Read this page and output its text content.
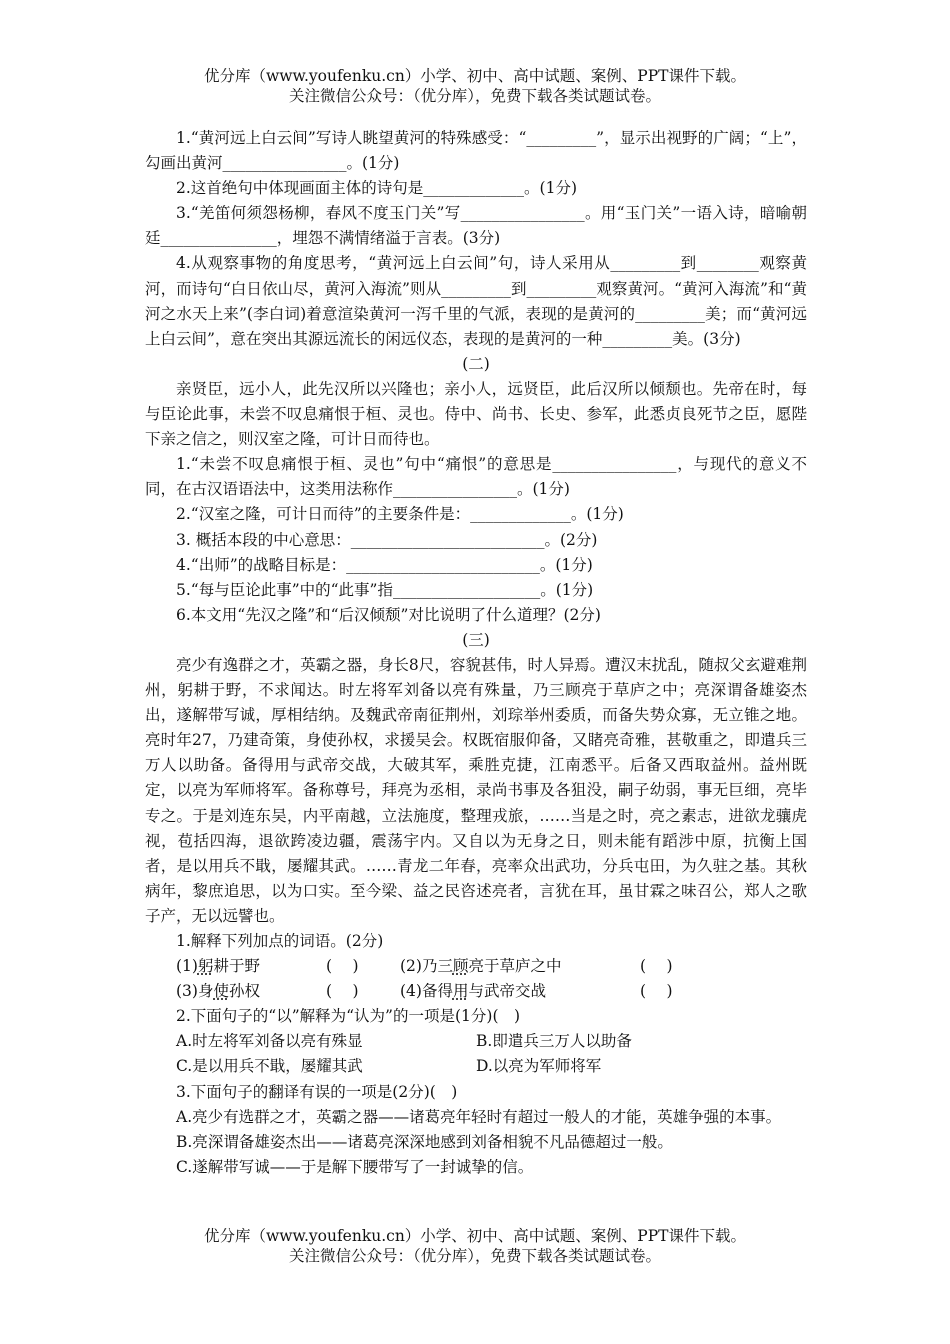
优分库（www.youfenku.cn）小学、初中、高中试题、案例、PPT课件下载。
关注微信公众号：（优分库），免费下载各类试题试卷。

1.“黄河远上白云间”写诗人眺望黄河的特殊感受：“_________”，显示出视野的广阔；“上”，勾画出黄河________________。(1分)

2.这首绝句中体现画面主体的诗句是_____________。(1分)

3.“羌笛何须怨杨柳，春风不度玉门关”写________________。用“玉门关”一语入诗，暗喻朝廷_______________，埋怨不满情绪溢于言表。(3分)

4.从观察事物的角度思考，“黄河远上白云间”句，诗人采用从_________到________观察黄河，而诗句“白日依山尽，黄河入海流”则从_________到_________观察黄河。“黄河入海流”和“黄河之水天上来”(李白词)着意渲染黄河一泻千里的气派，表现的是黄河的_________美；而“黄河远上白云间”，意在突出其源远流长的闲远仪态，表现的是黄河的一种_________美。(3分)

(二)

亲贤臣，远小人，此先汉所以兴隆也；亲小人，远贤臣，此后汉所以倾颓也。先帝在时，每与臣论此事，未尝不叹息痛恨于桓、灵也。侍中、尚书、长史、参军，此悉贞良死节之臣，愿陛下亲之信之，则汉室之隆，可计日而待也。

1.“未尝不叹息痛恨于桓、灵也”句中“痛恨”的意思是________________，与现代的意义不同，在古汉语语法中，这类用法称作________________。(1分)

2.“汉室之隆，可计日而待”的主要条件是：_____________。(1分)

3. 概括本段的中心意思：_________________________。(2分)

4.“出师”的战略目标是：_________________________。(1分)

5.“每与臣论此事”中的“此事”指___________________。(1分)

6.本文用“先汉之隆”和“后汉倾颓”对比说明了什么道理？(2分)

(三)

亮少有逸群之才，英霸之器，身长8尺，容貌甚伟，时人异焉。遭汉末扰乱，随叔父玄避难荆州，躬耕于野，不求闻达。时左将军刘备以亮有殊量，乃三顾亮于草庐之中；亮深谓备雄姿杰出，遂解带写诚，厚相结纳。及魏武帝南征荆州，刘琮举州委质，而备失势众寡，无立锥之地。亮时年27，乃建奇策，身使孙权，求援吴会。权既宿服仰备，又睹亮奇雅，甚敬重之，即遣兵三万人以助备。备得用与武帝交战，大破其军，乘胜克捷，江南悉平。后备又西取益州。益州既定，以亮为军师将军。备称尊号，拜亮为丞相，录尚书事及各狙没，嗣子幼弱，事无巨细，亮毕专之。于是刘连东吴，内平南越，立法施度，整理戎旅，……当是之时，亮之素志，进欲龙骧虎视，苞括四海，退欲跨凌边疆，震荡宇内。又自以为无身之日，则未能有蹈涉中原，抗衡上国者，是以用兵不戢，屡耀其武。……青龙二年春，亮率众出武功，分兵屯田，为久驻之基。其秋病年，黎庶追思，以为口实。至今梁、益之民咨述亮者，言犹在耳，虽甘霖之味召公，郑人之歌子产，无以远譬也。

1.解释下列加点的词语。(2分)

(1)躬耕于野	(　 )	(2)乃三顾亮于草庐之中	(　 )
(3)身使孙权	(　 )	(4)备得用与武帝交战	(　 )

2.下面句子的“以”解释为“认为”的一项是(1分)(　)

A.时左将军刘备以亮有殊显	B.即遣兵三万人以助备
C.是以用兵不戢，屡耀其武	D.以亮为军师将军

3.下面句子的翻译有误的一项是(2分)(　)

A.亮少有选群之才，英霸之器——诸葛亮年轻时有超过一般人的才能，英雄争强的本事。

B.亮深谓备雄姿杰出——诸葛亮深深地感到刘备相貌不凡品德超过一般。

C.遂解带写诚——于是解下腰带写了一封诚挚的信。

优分库（www.youfenku.cn）小学、初中、高中试题、案例、PPT课件下载。
关注微信公众号：（优分库），免费下载各类试题试卷。
